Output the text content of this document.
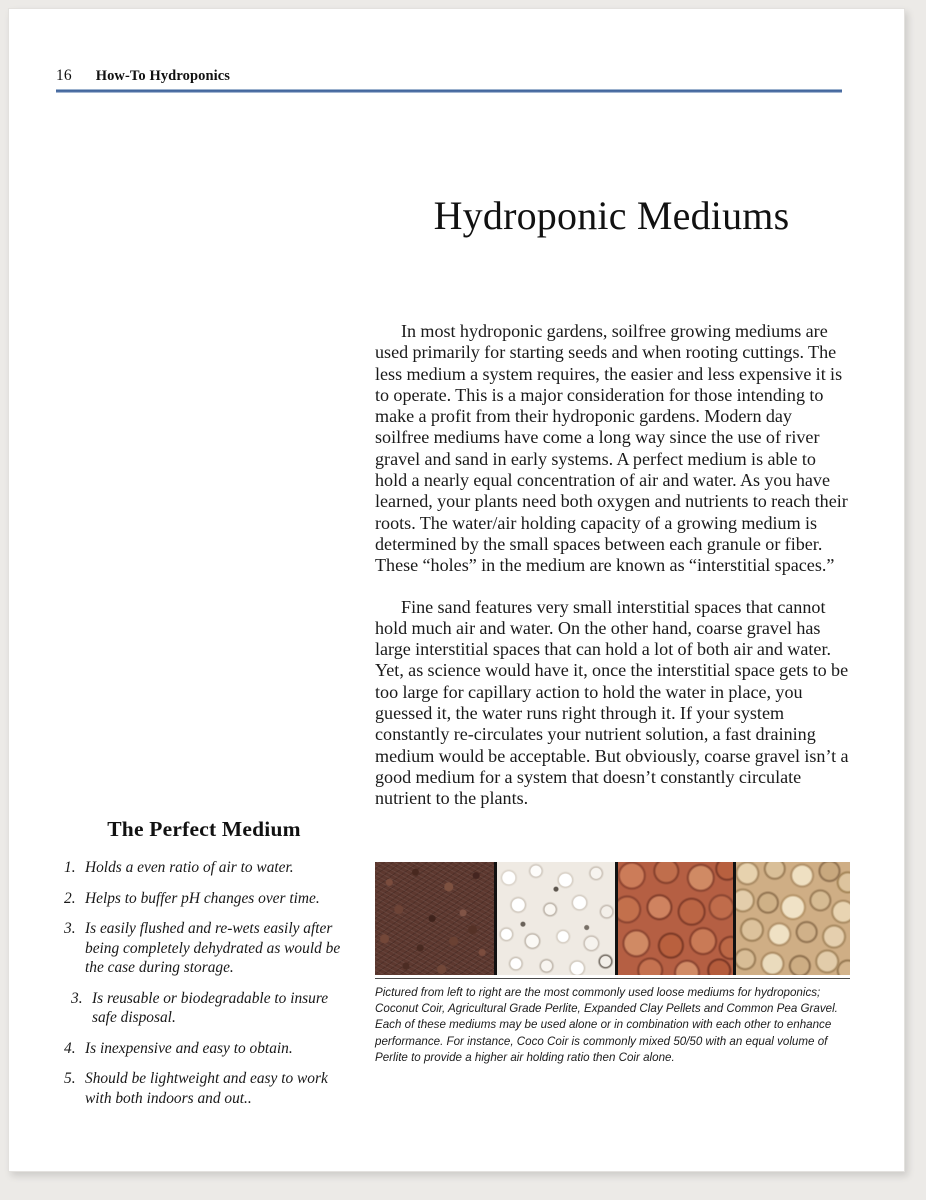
16 How-To Hydroponics
Hydroponic Mediums

In most hydroponic gardens, soilfree growing mediums are used primarily for starting seeds and when rooting cuttings. The less medium a system requires, the easier and less expensive it is to operate. This is a major consideration for those intending to make a profit from their hydroponic gardens. Modern day soilfree mediums have come a long way since the use of river gravel and sand in early systems. A perfect medium is able to hold a nearly equal concentration of air and water. As you have learned, your plants need both oxygen and nutrients to reach their roots. The water/air holding capacity of a growing medium is determined by the small spaces between each granule or fiber. These “holes” in the medium are known as “interstitial spaces.”

Fine sand features very small interstitial spaces that cannot hold much air and water. On the other hand, coarse gravel has large interstitial spaces that can hold a lot of both air and water. Yet, as science would have it, once the interstitial space gets to be too large for capillary action to hold the water in place, you guessed it, the water runs right through it. If your system constantly re-circulates your nutrient solution, a fast draining medium would be acceptable. But obviously, coarse gravel isn’t a good medium for a system that doesn’t constantly circulate nutrient to the plants.

The Perfect Medium
1. Holds a even ratio of air to water.
2. Helps to buffer pH changes over time.
3. Is easily flushed and re-wets easily after being completely dehydrated as would be the case during storage.
3. Is reusable or biodegradable to insure safe disposal.
4. Is inexpensive and easy to obtain.
5. Should be lightweight and easy to work with both indoors and out..
Pictured from left to right are the most commonly used loose mediums for hydroponics; Coconut Coir, Agricultural Grade Perlite, Expanded Clay Pellets and Common Pea Gravel. Each of these mediums may be used alone or in combination with each other to enhance performance. For instance, Coco Coir is commonly mixed 50/50 with an equal volume of Perlite to provide a higher air holding ratio then Coir alone.
